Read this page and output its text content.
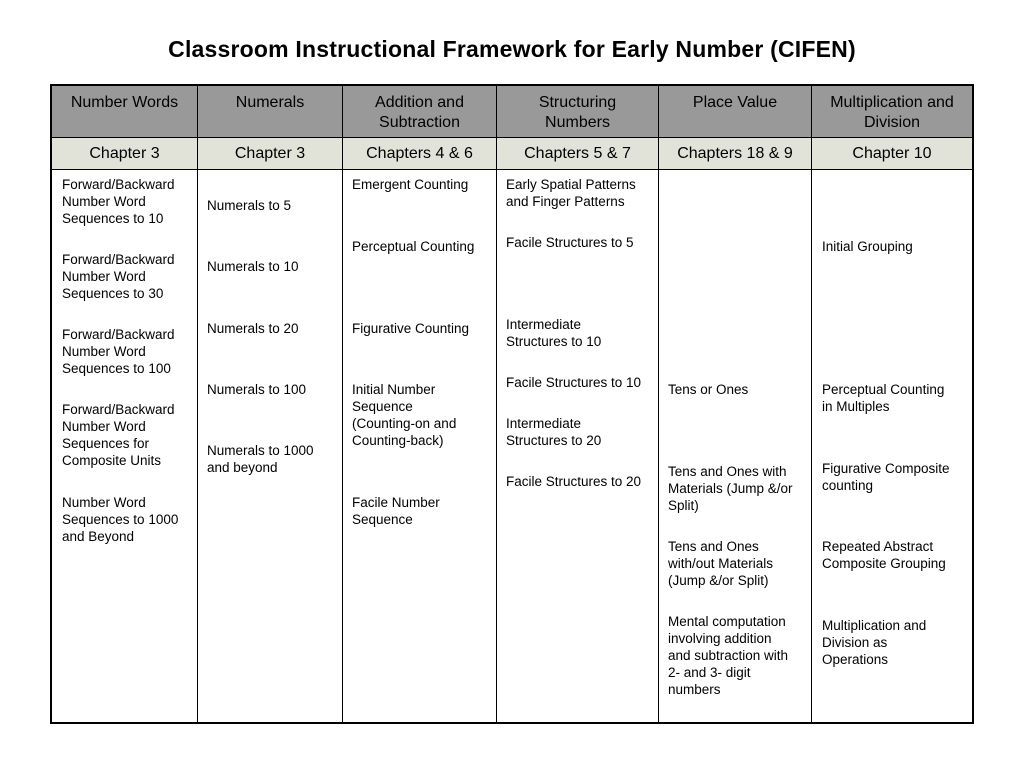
Classroom Instructional Framework for Early Number (CIFEN)
Number Words
Chapter 3
Forward/Backward
Number Word
Sequences to 10
Forward/Backward
Number Word
Sequences to 30
Forward/Backward
Number Word
Sequences to 100
Forward/Backward
Number Word
Sequences for
Composite Units
Number Word
Sequences to 1000
and Beyond
Numerals
Chapter 3
Numerals to 5
Numerals to 10
Numerals to 20
Numerals to 100
Numerals to 1000
and beyond
Addition and
Subtraction
Chapters 4 & 6
Emergent Counting
Perceptual Counting
Figurative Counting
Initial Number
Sequence
(Counting-on and
Counting-back)
Facile Number
Sequence
Structuring
Numbers
Chapters 5 & 7
Early Spatial Patterns
and Finger Patterns
Facile Structures to 5
Intermediate
Structures to 10
Facile Structures to 10
Intermediate
Structures to 20
Facile Structures to 20
Place Value
Chapters 18 & 9
Tens or Ones
Tens and Ones with
Materials (Jump &/or
Split)
Tens and Ones
with/out Materials
(Jump &/or Split)
Mental computation
involving addition
and subtraction with
2- and 3- digit
numbers
Multiplication and
Division
Chapter 10
Initial Grouping
Perceptual Counting
in Multiples
Figurative Composite
counting
Repeated Abstract
Composite Grouping
Multiplication and
Division as
Operations
